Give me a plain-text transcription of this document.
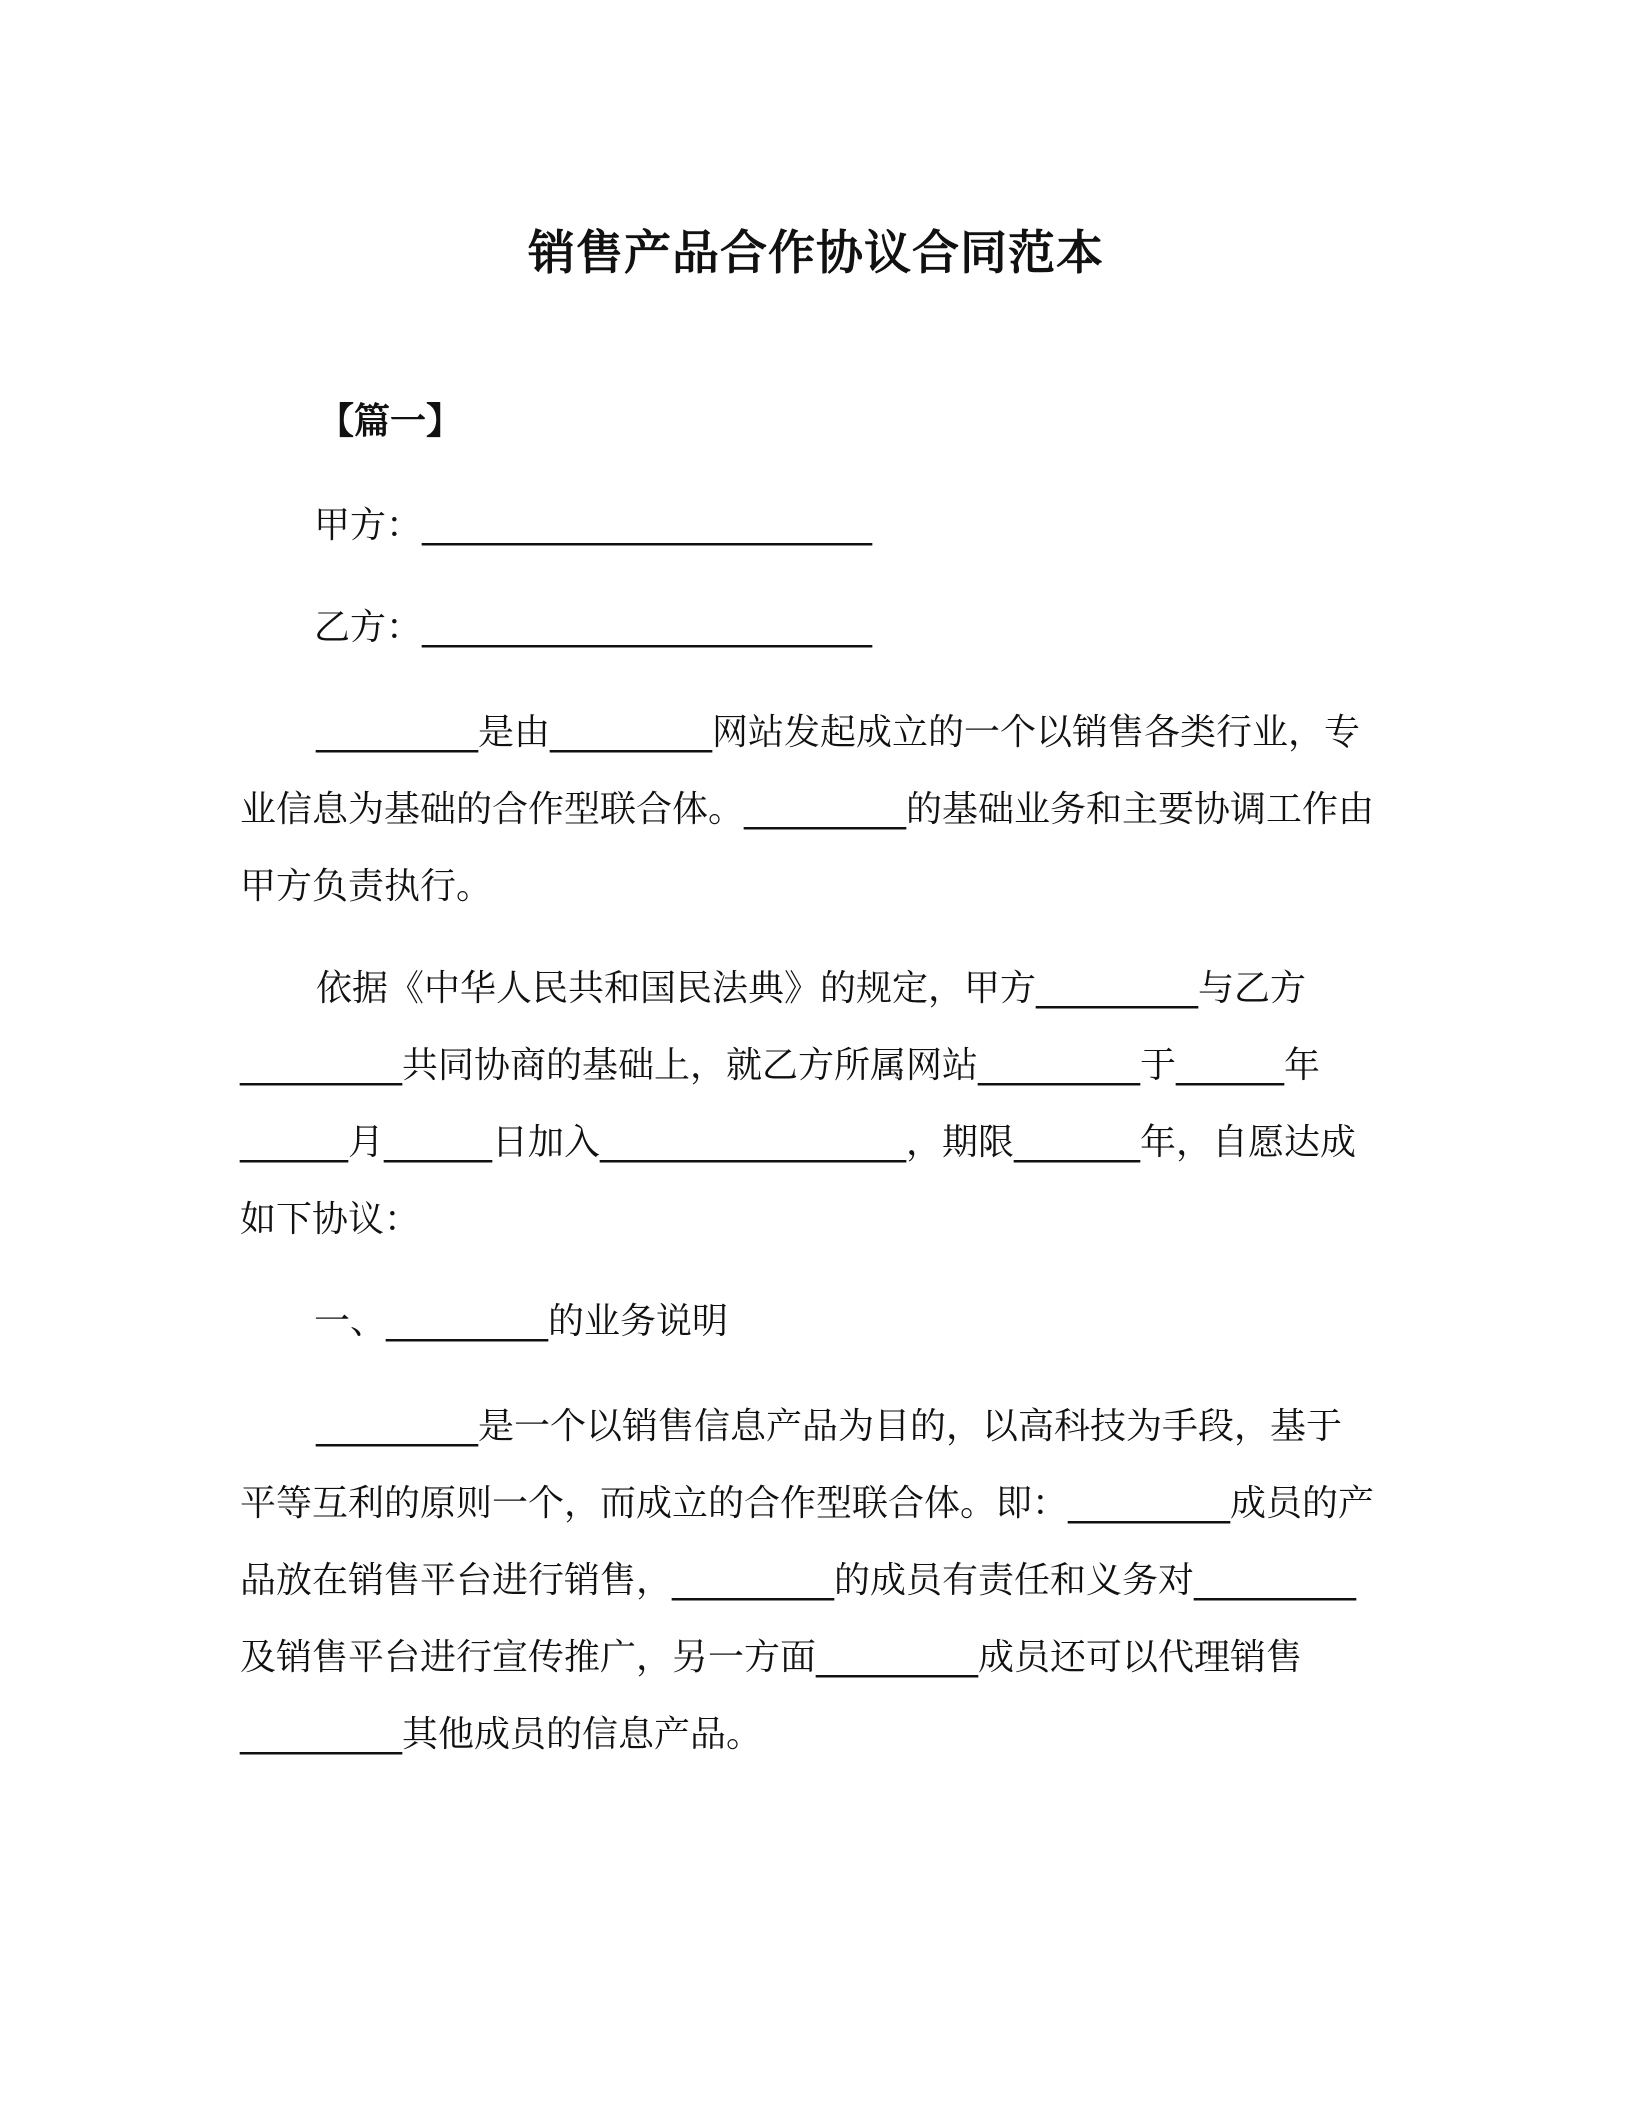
销售产品合作协议合同范本
【篇一】
甲方：_________________________
乙方：_________________________

_________是由_________网站发起成立的一个以销售各类行业，专业信息为基础的合作型联合体。_________的基础业务和主要协调工作由甲方负责执行。

依据《中华人民共和国民法典》的规定，甲方_________与乙方_________共同协商的基础上，就乙方所属网站_________于______年______月______日加入_________________，期限_______年，自愿达成如下协议：

一、_________的业务说明

_________是一个以销售信息产品为目的，以高科技为手段，基于平等互利的原则一个，而成立的合作型联合体。即：_________成员的产品放在销售平台进行销售，_________的成员有责任和义务对_________及销售平台进行宣传推广，另一方面_________成员还可以代理销售_________其他成员的信息产品。
